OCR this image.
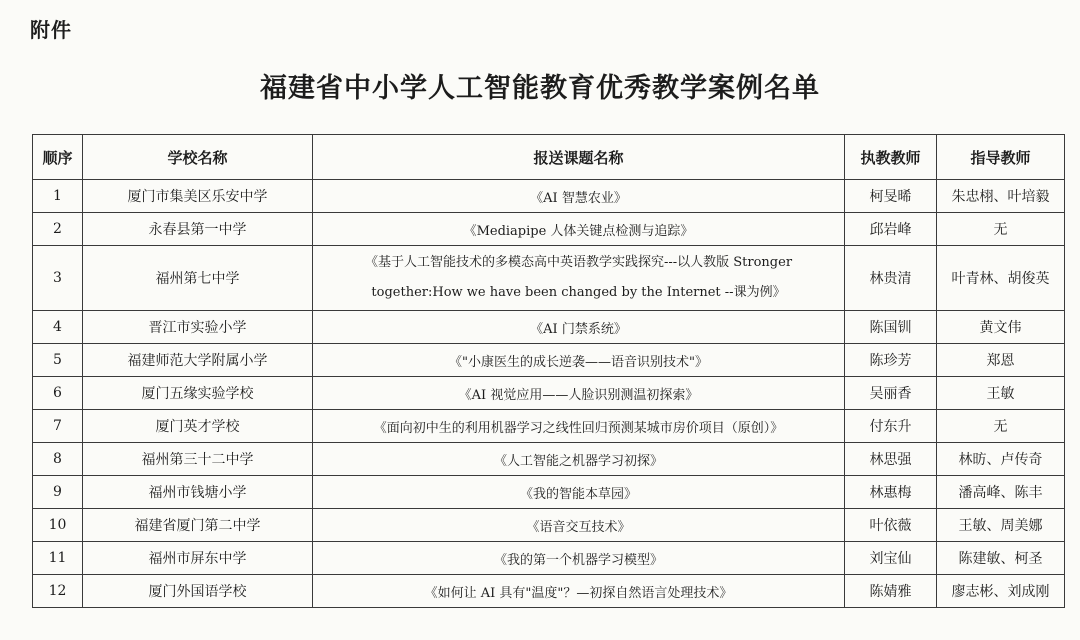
附件
福建省中小学人工智能教育优秀教学案例名单
顺序	学校名称	报送课题名称	执教教师	指导教师
1	厦门市集美区乐安中学	《AI 智慧农业》	柯旻晞	朱忠栩、叶培毅
2	永春县第一中学	《Mediapipe 人体关键点检测与追踪》	邱岩峰	无
3	福州第七中学	《基于人工智能技术的多模态高中英语教学实践探究---以人教版 Stronger
together:How we have been changed by the Internet --课为例》	林贵清	叶青林、胡俊英
4	晋江市实验小学	《AI 门禁系统》	陈国钏	黄文伟
5	福建师范大学附属小学	《"小康医生的成长逆袭——语音识别技术"》	陈珍芳	郑恩
6	厦门五缘实验学校	《AI 视觉应用——人脸识别测温初探索》	吴丽香	王敏
7	厦门英才学校	《面向初中生的利用机器学习之线性回归预测某城市房价项目（原创）》	付东升	无
8	福州第三十二中学	《人工智能之机器学习初探》	林思强	林昉、卢传奇
9	福州市钱塘小学	《我的智能本草园》	林惠梅	潘高峰、陈丰
10	福建省厦门第二中学	《语音交互技术》	叶依薇	王敏、周美娜
11	福州市屏东中学	《我的第一个机器学习模型》	刘宝仙	陈建敏、柯圣
12	厦门外国语学校	《如何让 AI 具有"温度"？—初探自然语言处理技术》	陈婧雅	廖志彬、刘成刚
